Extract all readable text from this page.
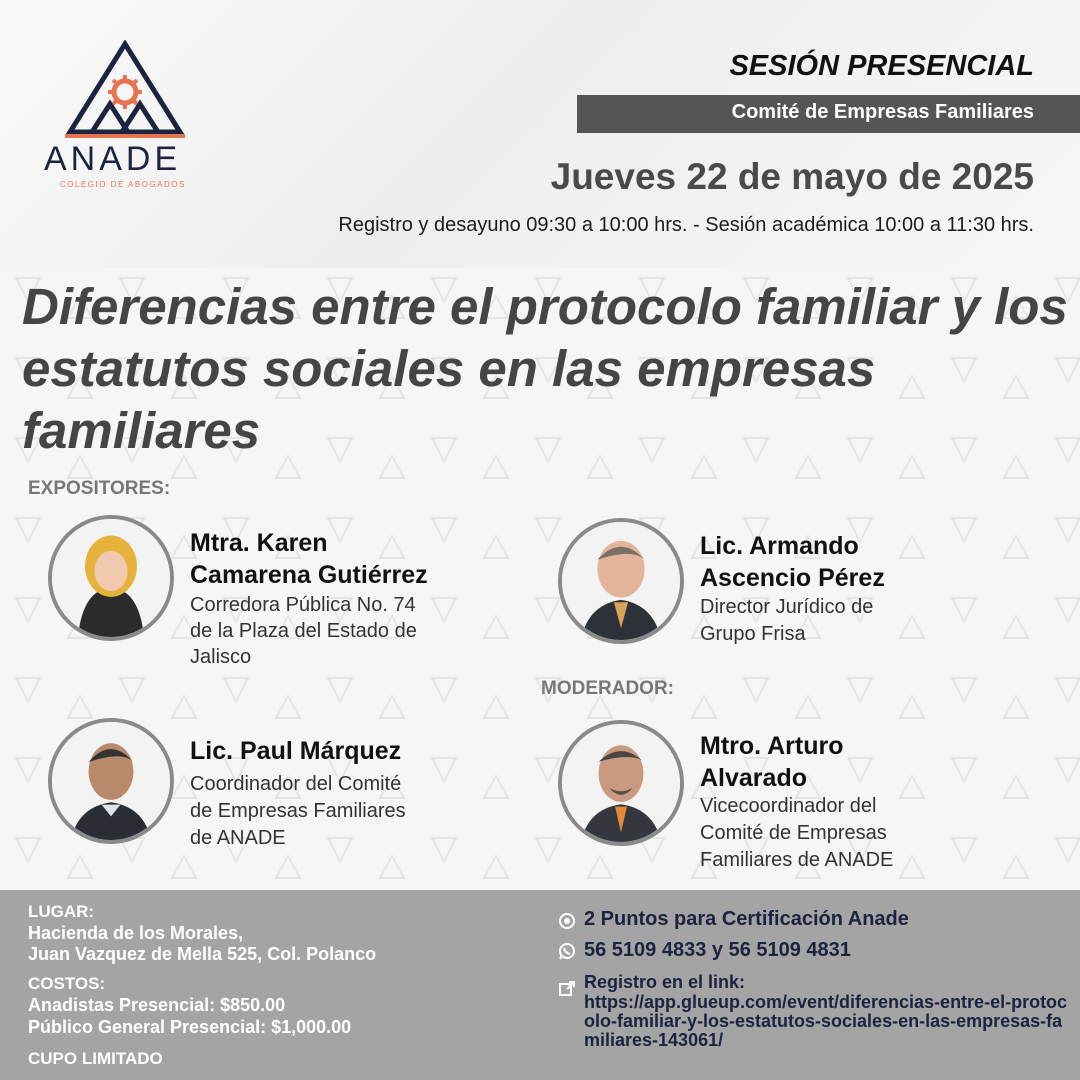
ANADE
COLEGIO DE ABOGADOS
SESIÓN PRESENCIAL
Comité de Empresas Familiares
Jueves 22 de mayo de 2025
Registro y desayuno 09:30 a 10:00 hrs. - Sesión académica 10:00 a 11:30 hrs.
Diferencias entre el protocolo familiar y los estatutos sociales en las empresas familiares
EXPOSITORES:
MODERADOR:
Mtra. Karen
Camarena Gutiérrez
Corredora Pública No. 74
de la Plaza del Estado de
Jalisco
Lic. Armando
Ascencio Pérez
Director Jurídico de
Grupo Frisa
Lic. Paul Márquez
Coordinador del Comité
de Empresas Familiares
de ANADE
Mtro. Arturo
Alvarado
Vicecoordinador del
Comité de Empresas
Familiares de ANADE
LUGAR:
Hacienda de los Morales,
Juan Vazquez de Mella 525, Col. Polanco
COSTOS:
Anadistas Presencial: $850.00
Público General Presencial: $1,000.00
CUPO LIMITADO
2 Puntos para Certificación Anade
56 5109 4833 y 56 5109 4831
Registro en el link:
https://app.glueup.com/event/diferencias-entre-el-protocolo-familiar-y-los-estatutos-sociales-en-las-empresas-familiares-143061/
